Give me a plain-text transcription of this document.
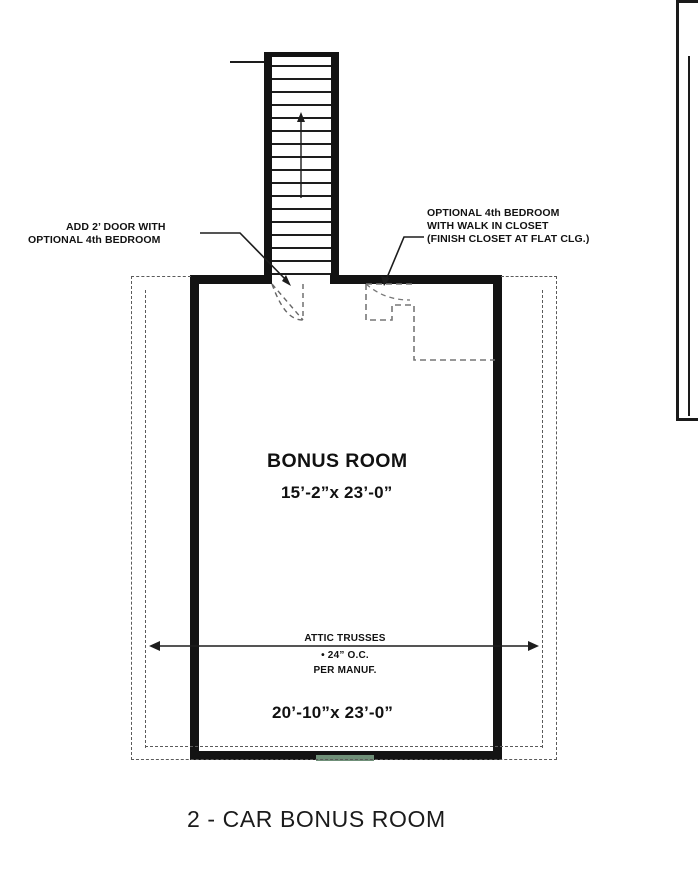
ADD 2’ DOOR WITH
OPTIONAL 4th BEDROOM
OPTIONAL 4th BEDROOM
WITH WALK IN CLOSET
(FINISH CLOSET AT FLAT CLG.)
BONUS ROOM
15’-2”x 23’-0”
ATTIC TRUSSES
• 24” O.C.
PER MANUF.
20’-10”x 23’-0”
2 - CAR BONUS ROOM
